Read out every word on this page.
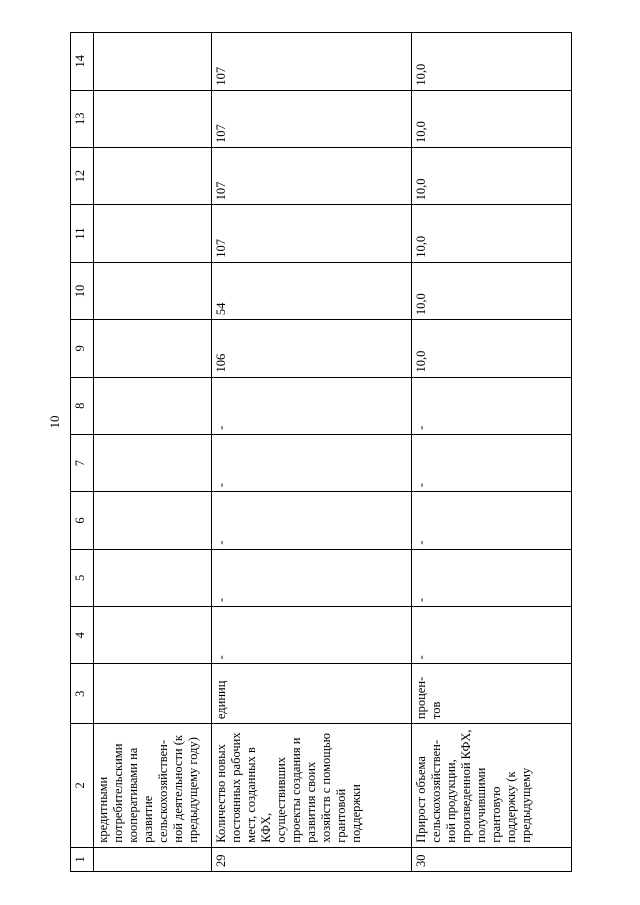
10
1	2	3	4	5	6	7	8	9	10	11	12	13	14
	кредитными потребительскими кооперативами на развитие сельскохозяйствен-ной деятельности (к предыдущему году)												
29	Количество новых постоянных рабочих мест, созданных в КФХ, осуществивших проекты создания и развития своих хозяйств с помощью грантовой поддержки	единиц	-	-	-	-	-	106	54	107	107	107	107
30	Прирост объема сельскохозяйствен-ной продукции, произведенной КФХ, получившими грантовую поддержку (к предыдущему	процен-тов	-	-	-	-	-	10,0	10,0	10,0	10,0	10,0	10,0
